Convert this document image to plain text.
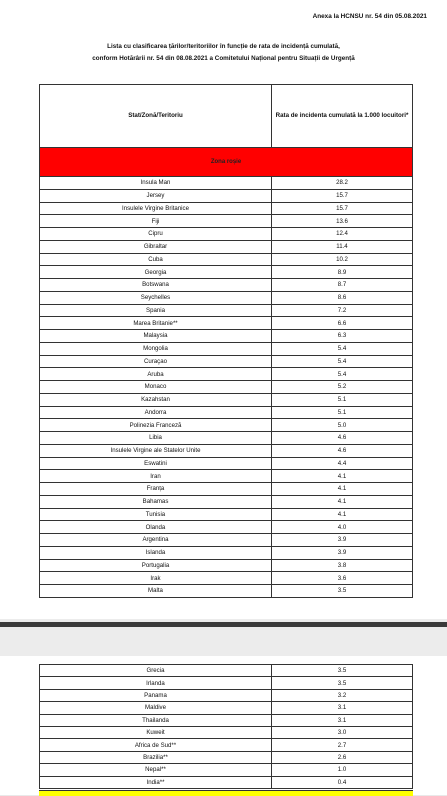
Anexa la HCNSU nr. 54 din 05.08.2021
Lista cu clasificarea țărilor/teritoriilor în funcție de rata de incidență cumulată,
conform Hotărârii nr. 54 din 08.08.2021 a Comitetului Național pentru Situații de Urgență
Stat/Zonă/Teritoriu	Rata de incidenta cumulată la 1.000 locuitori*
Zona roșie	
Insula Man	28.2
Jersey	15.7
Insulele Virgine Britanice	15.7
Fiji	13.6
Cipru	12.4
Gibraltar	11.4
Cuba	10.2
Georgia	8.9
Botswana	8.7
Seychelles	8.6
Spania	7.2
Marea Britanie**	6.6
Malaysia	6.3
Mongolia	5.4
Curaçao	5.4
Aruba	5.4
Monaco	5.2
Kazahstan	5.1
Andorra	5.1
Polinezia Franceză	5.0
Libia	4.6
Insulele Virgine ale Statelor Unite	4.6
Eswatini	4.4
Iran	4.1
Franța	4.1
Bahamas	4.1
Tunisia	4.1
Olanda	4.0
Argentina	3.9
Islanda	3.9
Portugalia	3.8
Irak	3.6
Malta	3.5
Grecia	3.5
Irlanda	3.5
Panama	3.2
Maldive	3.1
Thailanda	3.1
Kuweit	3.0
Africa de Sud**	2.7
Brazilia**	2.6
Nepal**	1.0
India**	0.4
